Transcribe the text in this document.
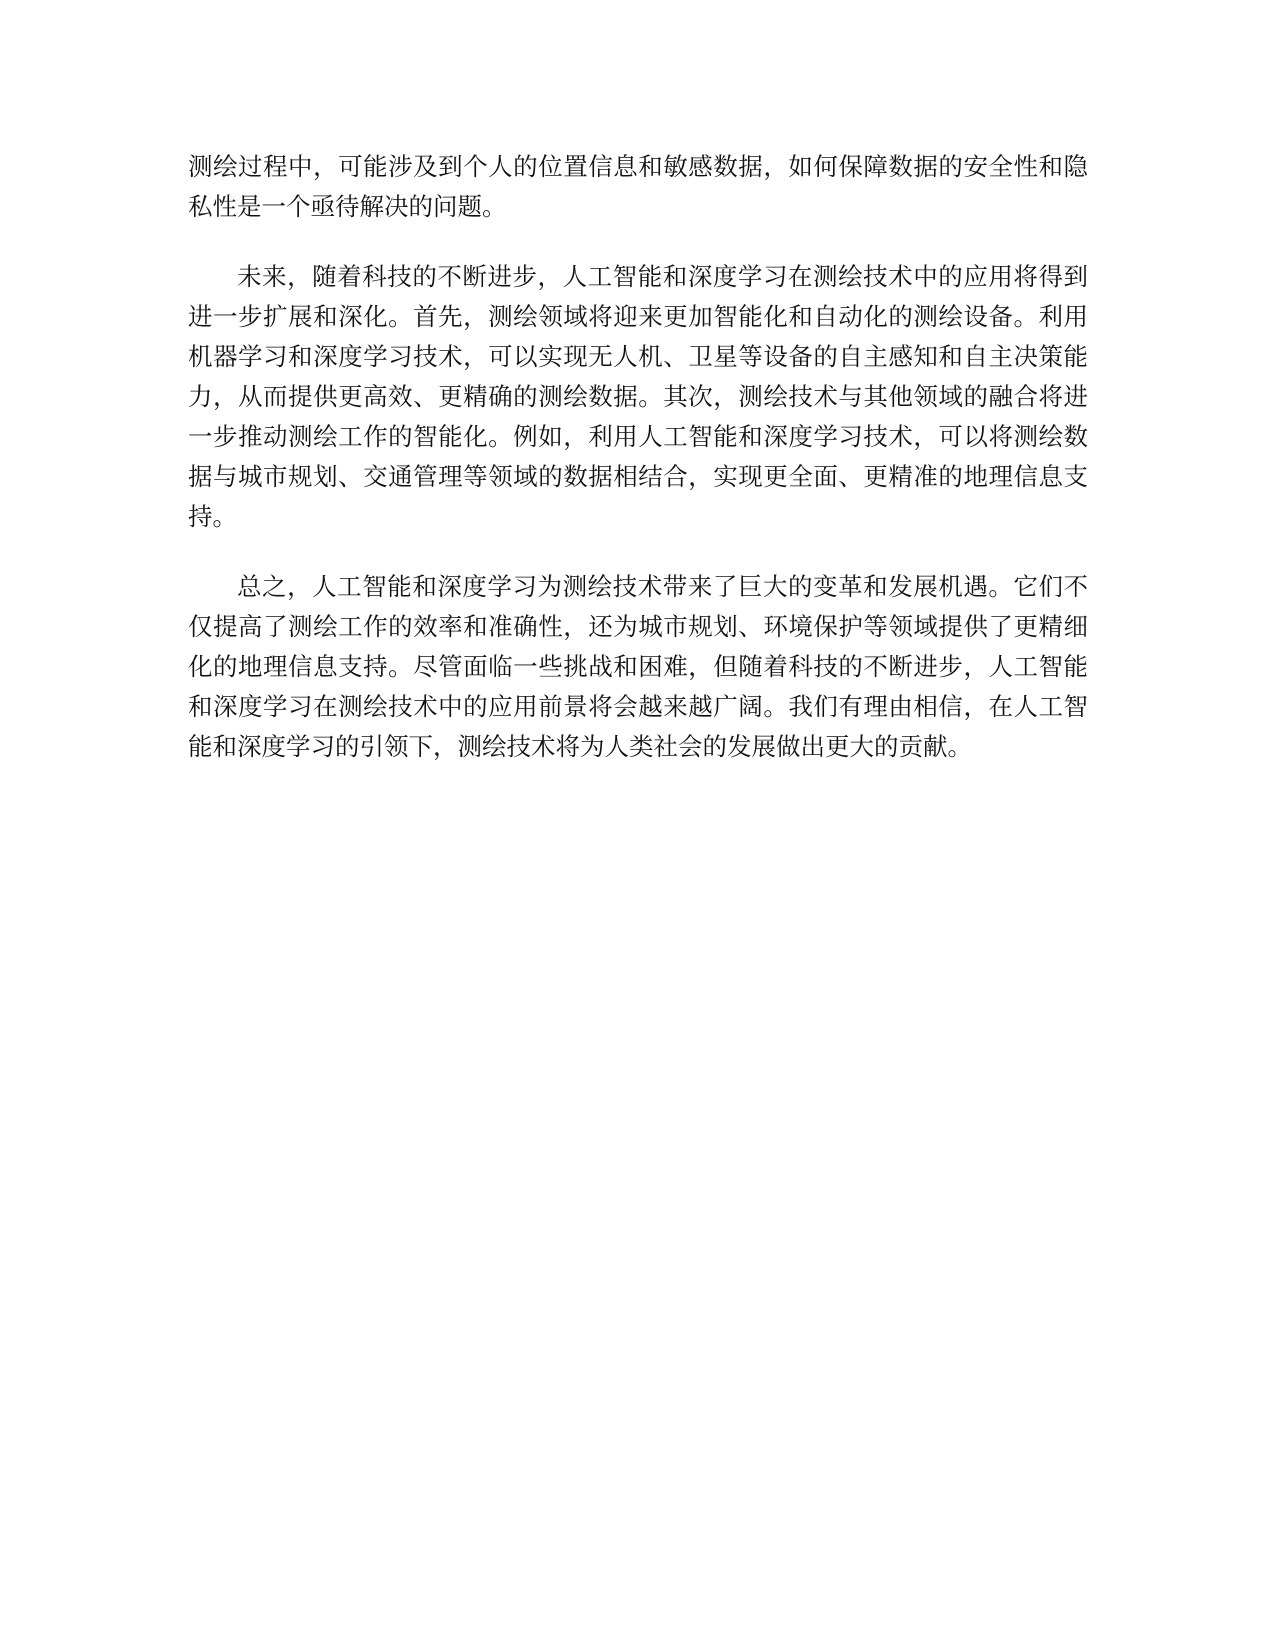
测绘过程中，可能涉及到个人的位置信息和敏感数据，如何保障数据的安全性和隐
私性是一个亟待解决的问题。
未来，随着科技的不断进步，人工智能和深度学习在测绘技术中的应用将得到
进一步扩展和深化。首先，测绘领域将迎来更加智能化和自动化的测绘设备。利用
机器学习和深度学习技术，可以实现无人机、卫星等设备的自主感知和自主决策能
力，从而提供更高效、更精确的测绘数据。其次，测绘技术与其他领域的融合将进
一步推动测绘工作的智能化。例如，利用人工智能和深度学习技术，可以将测绘数
据与城市规划、交通管理等领域的数据相结合，实现更全面、更精准的地理信息支
持。
总之，人工智能和深度学习为测绘技术带来了巨大的变革和发展机遇。它们不
仅提高了测绘工作的效率和准确性，还为城市规划、环境保护等领域提供了更精细
化的地理信息支持。尽管面临一些挑战和困难，但随着科技的不断进步，人工智能
和深度学习在测绘技术中的应用前景将会越来越广阔。我们有理由相信，在人工智
能和深度学习的引领下，测绘技术将为人类社会的发展做出更大的贡献。
